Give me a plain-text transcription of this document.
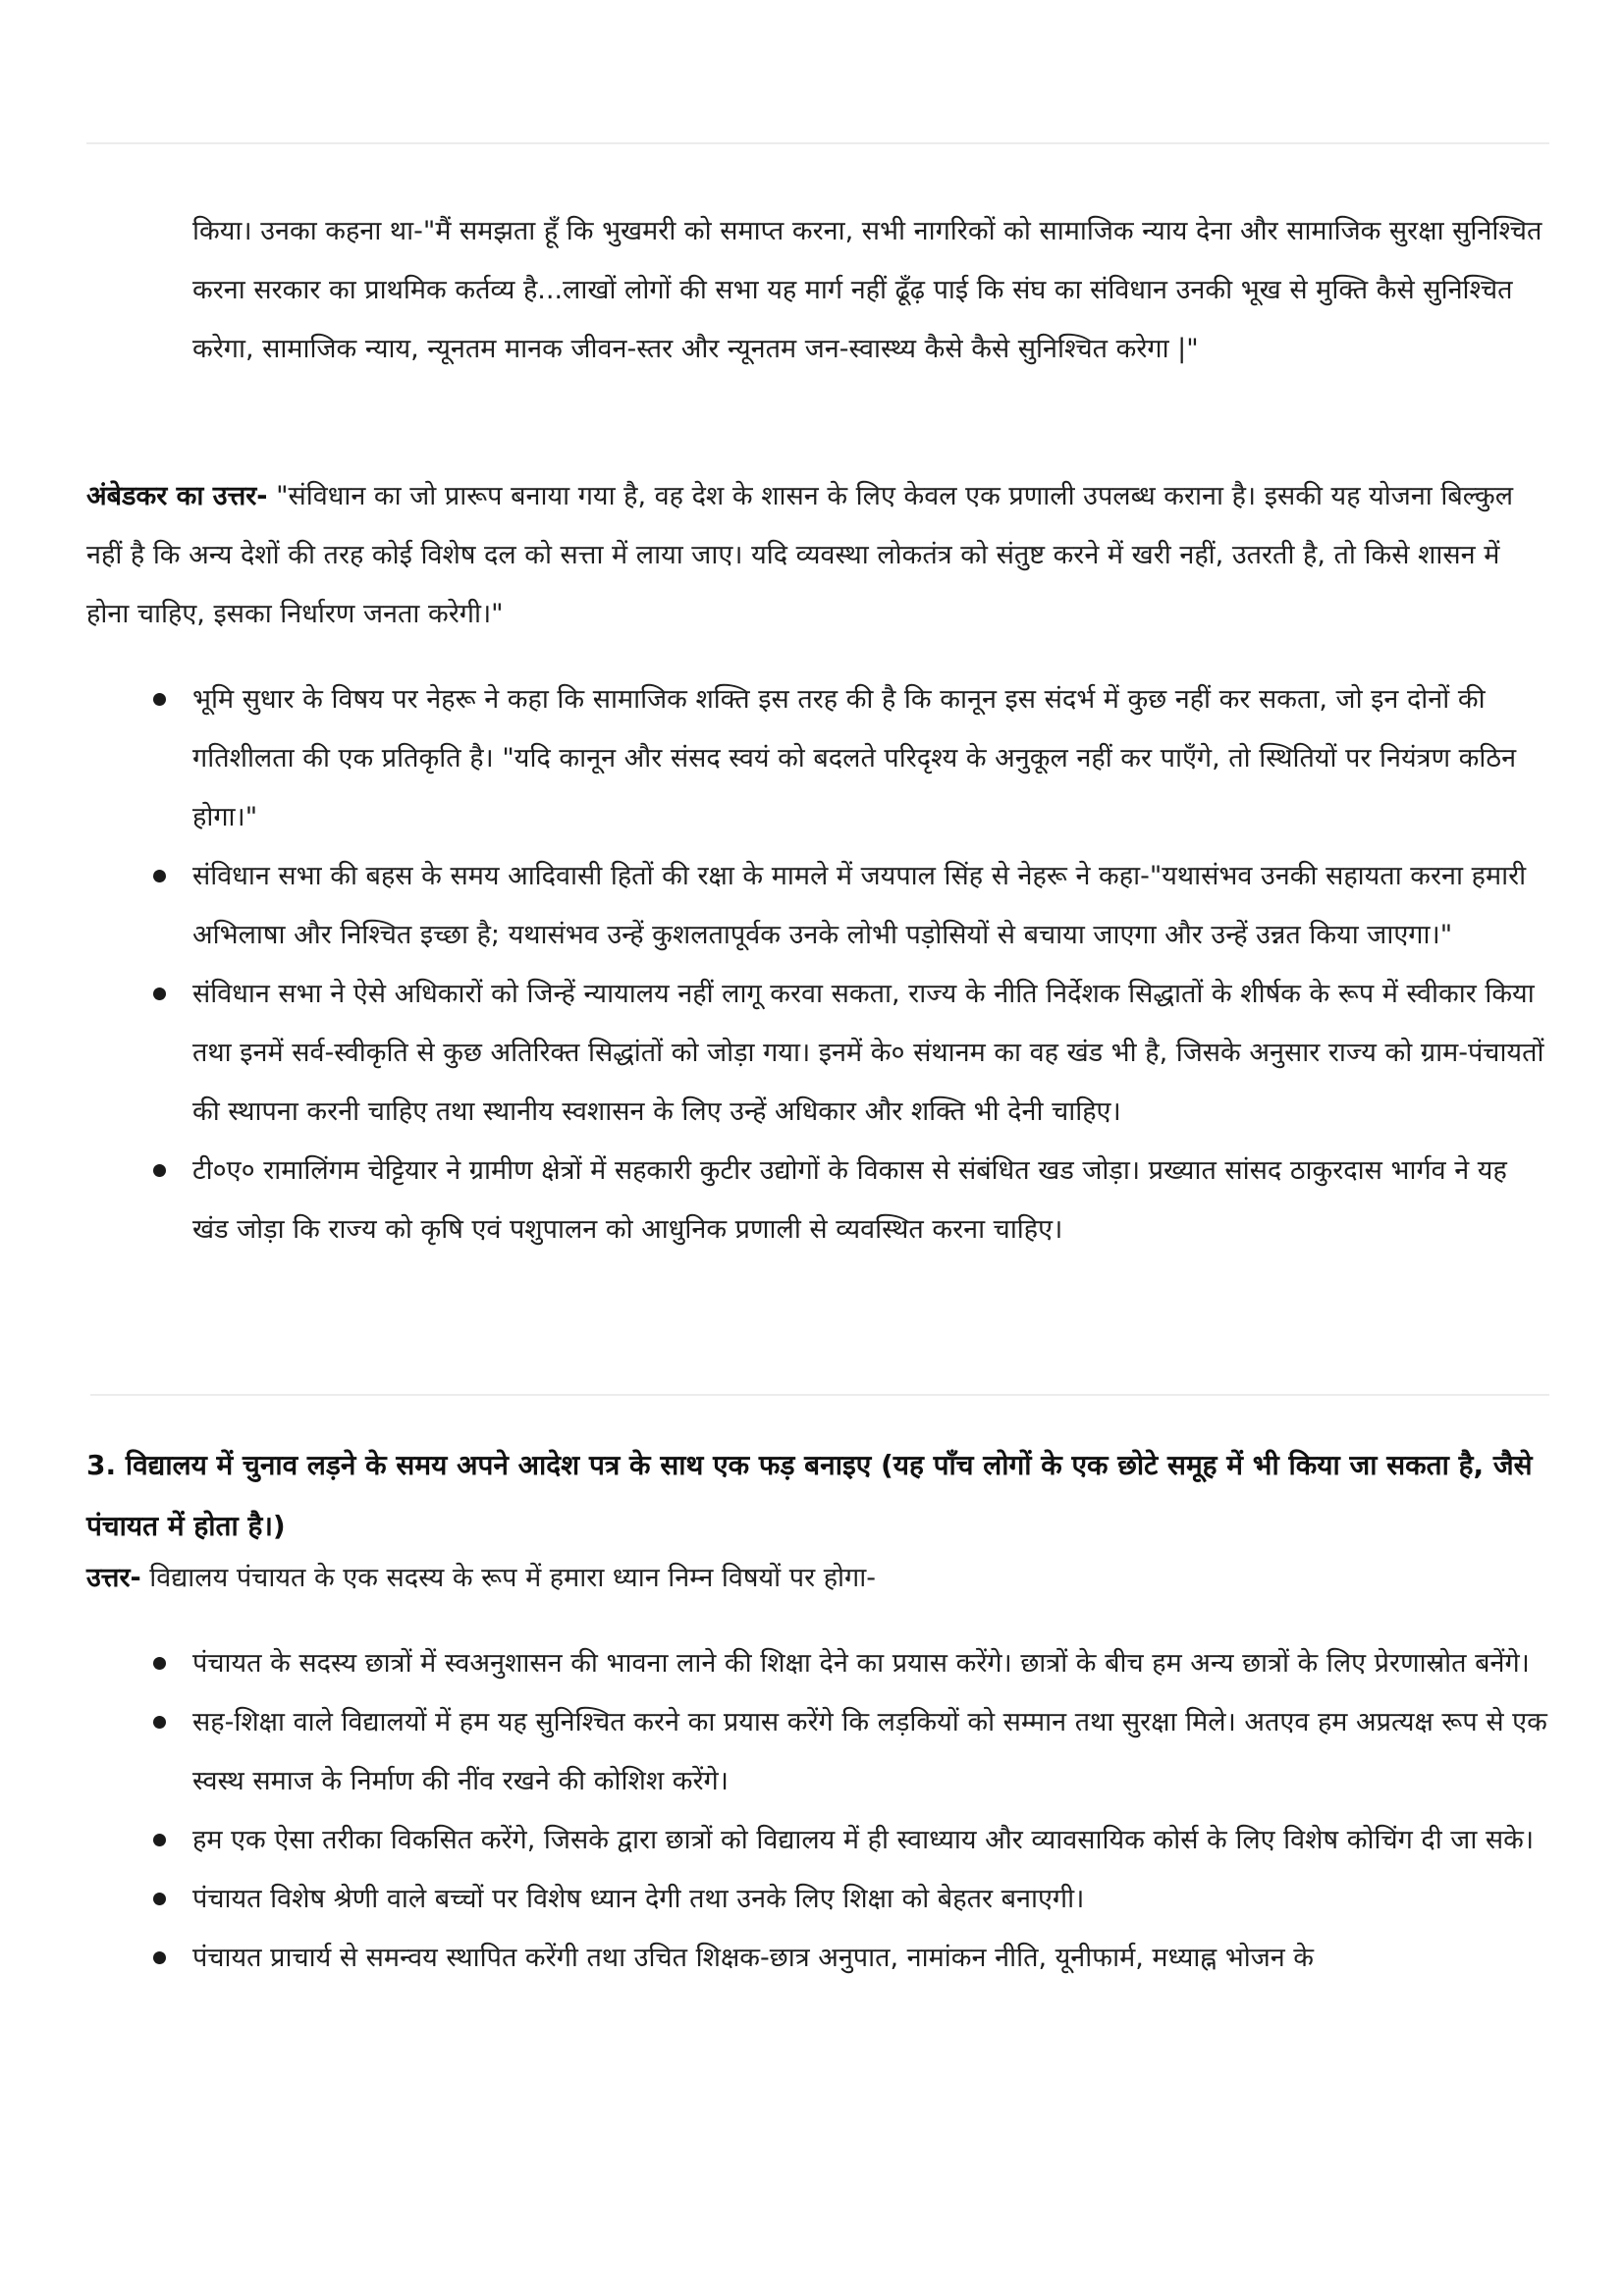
किया। उनका कहना था-"मैं समझता हूँ कि भुखमरी को समाप्त करना, सभी नागरिकों को सामाजिक न्याय देना और सामाजिक सुरक्षा सुनिश्चित करना सरकार का प्राथमिक कर्तव्य है...लाखों लोगों की सभा यह मार्ग नहीं ढूँढ़ पाई कि संघ का संविधान उनकी भूख से मुक्ति कैसे सुनिश्चित करेगा, सामाजिक न्याय, न्यूनतम मानक जीवन-स्तर और न्यूनतम जन-स्वास्थ्य कैसे कैसे सुनिश्चित करेगा |"

अंबेडकर का उत्तर- "संविधान का जो प्रारूप बनाया गया है, वह देश के शासन के लिए केवल एक प्रणाली उपलब्ध कराना है। इसकी यह योजना बिल्कुल नहीं है कि अन्य देशों की तरह कोई विशेष दल को सत्ता में लाया जाए। यदि व्यवस्था लोकतंत्र को संतुष्ट करने में खरी नहीं, उतरती है, तो किसे शासन में होना चाहिए, इसका निर्धारण जनता करेगी।"

भूमि सुधार के विषय पर नेहरू ने कहा कि सामाजिक शक्ति इस तरह की है कि कानून इस संदर्भ में कुछ नहीं कर सकता, जो इन दोनों की गतिशीलता की एक प्रतिकृति है। "यदि कानून और संसद स्वयं को बदलते परिदृश्य के अनुकूल नहीं कर पाएँगे, तो स्थितियों पर नियंत्रण कठिन होगा।"
संविधान सभा की बहस के समय आदिवासी हितों की रक्षा के मामले में जयपाल सिंह से नेहरू ने कहा-"यथासंभव उनकी सहायता करना हमारी अभिलाषा और निश्चित इच्छा है; यथासंभव उन्हें कुशलतापूर्वक उनके लोभी पड़ोसियों से बचाया जाएगा और उन्हें उन्नत किया जाएगा।"
संविधान सभा ने ऐसे अधिकारों को जिन्हें न्यायालय नहीं लागू करवा सकता, राज्य के नीति निर्देशक सिद्धातों के शीर्षक के रूप में स्वीकार किया तथा इनमें सर्व-स्वीकृति से कुछ अतिरिक्त सिद्धांतों को जोड़ा गया। इनमें के० संथानम का वह खंड भी है, जिसके अनुसार राज्य को ग्राम-पंचायतों की स्थापना करनी चाहिए तथा स्थानीय स्वशासन के लिए उन्हें अधिकार और शक्ति भी देनी चाहिए।
टी०ए० रामालिंगम चेट्टियार ने ग्रामीण क्षेत्रों में सहकारी कुटीर उद्योगों के विकास से संबंधित खड जोड़ा। प्रख्यात सांसद ठाकुरदास भार्गव ने यह खंड जोड़ा कि राज्य को कृषि एवं पशुपालन को आधुनिक प्रणाली से व्यवस्थित करना चाहिए।

3. विद्यालय में चुनाव लड़ने के समय अपने आदेश पत्र के साथ एक फड़ बनाइए (यह पाँच लोगों के एक छोटे समूह में भी किया जा सकता है, जैसे पंचायत में होता है।)

उत्तर- विद्यालय पंचायत के एक सदस्य के रूप में हमारा ध्यान निम्न विषयों पर होगा-

पंचायत के सदस्य छात्रों में स्वअनुशासन की भावना लाने की शिक्षा देने का प्रयास करेंगे। छात्रों के बीच हम अन्य छात्रों के लिए प्रेरणास्रोत बनेंगे।
सह-शिक्षा वाले विद्यालयों में हम यह सुनिश्चित करने का प्रयास करेंगे कि लड़कियों को सम्मान तथा सुरक्षा मिले। अतएव हम अप्रत्यक्ष रूप से एक स्वस्थ समाज के निर्माण की नींव रखने की कोशिश करेंगे।
हम एक ऐसा तरीका विकसित करेंगे, जिसके द्वारा छात्रों को विद्यालय में ही स्वाध्याय और व्यावसायिक कोर्स के लिए विशेष कोचिंग दी जा सके।
पंचायत विशेष श्रेणी वाले बच्चों पर विशेष ध्यान देगी तथा उनके लिए शिक्षा को बेहतर बनाएगी।
पंचायत प्राचार्य से समन्वय स्थापित करेंगी तथा उचित शिक्षक-छात्र अनुपात, नामांकन नीति, यूनीफार्म, मध्याह्न भोजन के
